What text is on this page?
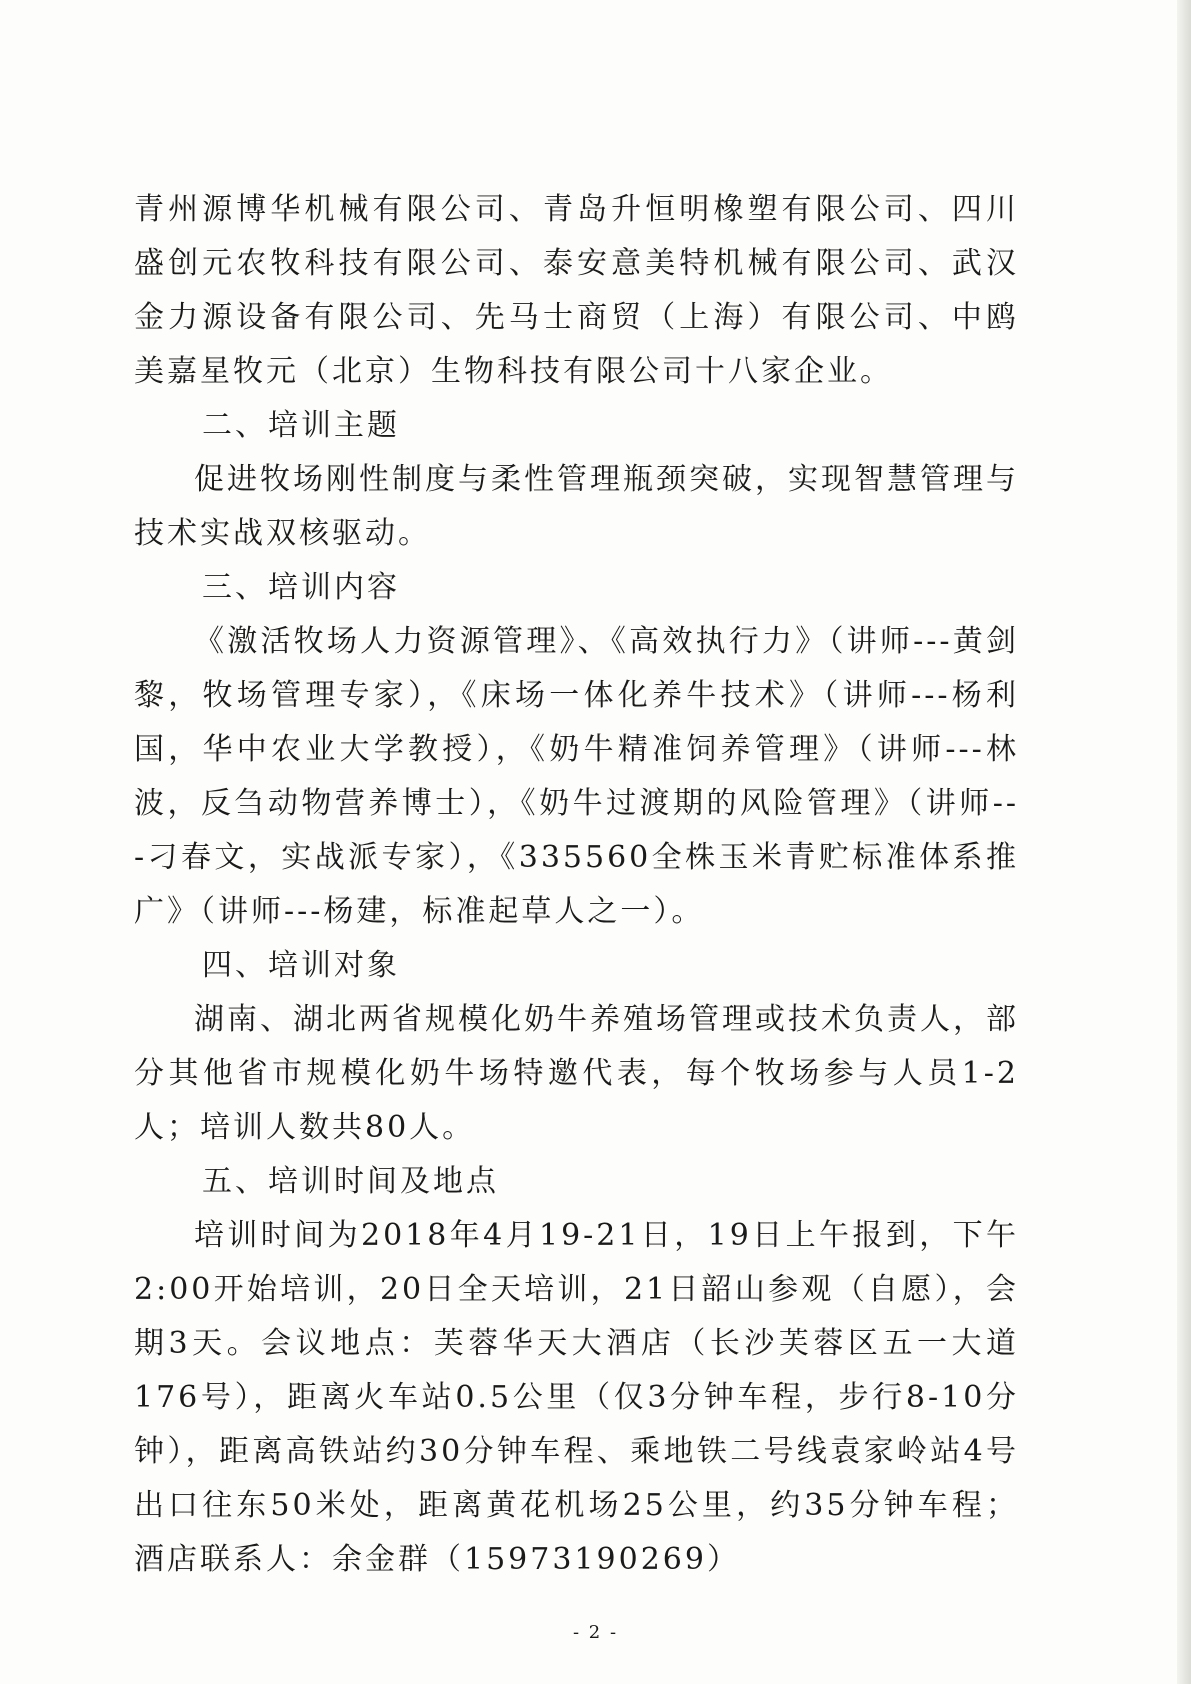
青州源博华机械有限公司、青岛升恒明橡塑有限公司、四川盛创元农牧科技有限公司、泰安意美特机械有限公司、武汉金力源设备有限公司、先马士商贸（上海）有限公司、中鸥美嘉星牧元（北京）生物科技有限公司十八家企业。

二、培训主题

促进牧场刚性制度与柔性管理瓶颈突破，实现智慧管理与技术实战双核驱动。

三、培训内容

《激活牧场人力资源管理》、《高效执行力》（讲师---黄剑黎，牧场管理专家），《床场一体化养牛技术》（讲师---杨利国，华中农业大学教授），《奶牛精准饲养管理》（讲师---林波，反刍动物营养博士），《奶牛过渡期的风险管理》（讲师---刁春文，实战派专家），《335560全株玉米青贮标准体系推广》（讲师---杨建，标准起草人之一）。

四、培训对象

湖南、湖北两省规模化奶牛养殖场管理或技术负责人，部分其他省市规模化奶牛场特邀代表，每个牧场参与人员1-2人；培训人数共80人。

五、培训时间及地点

培训时间为2018年4月19-21日，19日上午报到，下午2:00开始培训，20日全天培训，21日韶山参观（自愿），会期3天。会议地点：芙蓉华天大酒店（长沙芙蓉区五一大道176号），距离火车站0.5公里（仅3分钟车程，步行8-10分钟），距离高铁站约30分钟车程、乘地铁二号线袁家岭站4号出口往东50米处，距离黄花机场25公里，约35分钟车程；酒店联系人：余金群（15973190269）

- 2 -
